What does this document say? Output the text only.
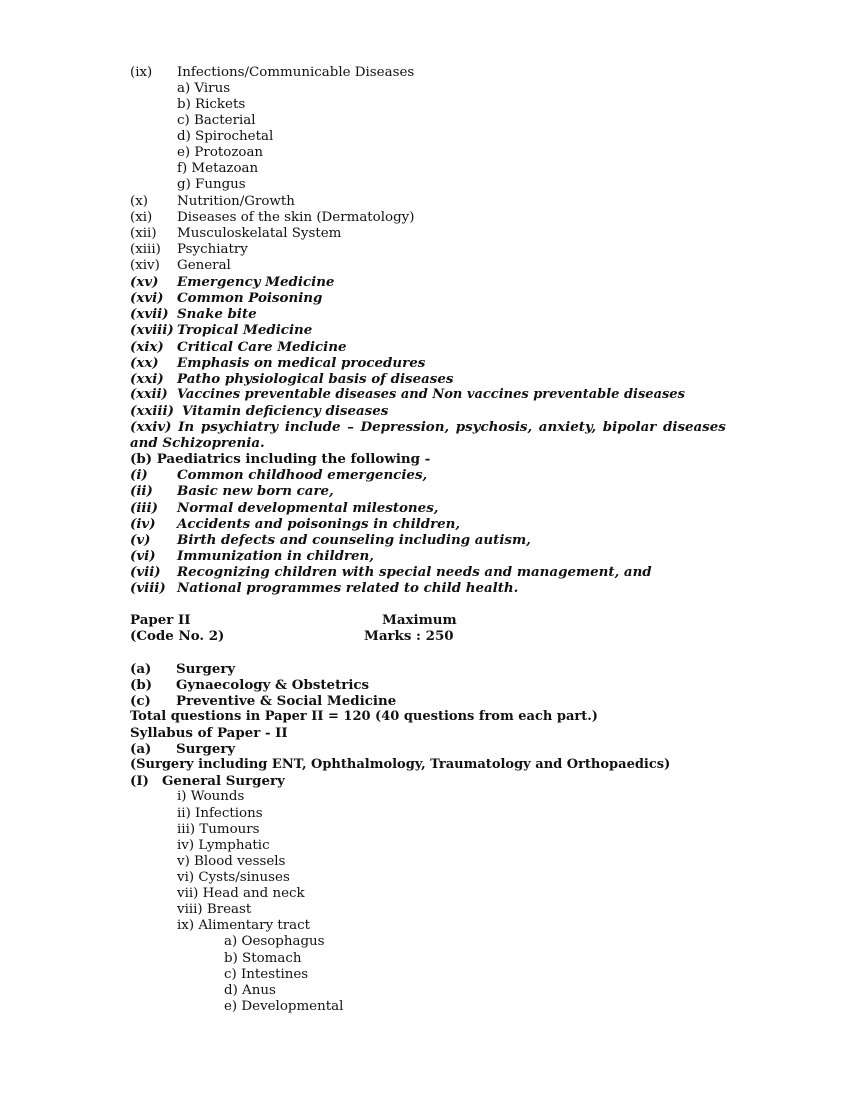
(ix) Infections/Communicable Diseases
a) Virus
b) Rickets
c) Bacterial
d) Spirochetal
e) Protozoan
f) Metazoan
g) Fungus
(x) Nutrition/Growth
(xi) Diseases of the skin (Dermatology)
(xii) Musculoskelatal System
(xiii) Psychiatry
(xiv) General
(xv) Emergency Medicine
(xvi) Common Poisoning
(xvii) Snake bite
(xviii) Tropical Medicine
(xix) Critical Care Medicine
(xx) Emphasis on medical procedures
(xxi) Patho physiological basis of diseases
(xxii) Vaccines preventable diseases and Non vaccines preventable diseases
(xxiii) Vitamin deficiency diseases
(xxiv) In psychiatry include – Depression, psychosis, anxiety, bipolar diseases
and Schizoprenia.
(b) Paediatrics including the following -
(i) Common childhood emergencies,
(ii) Basic new born care,
(iii) Normal developmental milestones,
(iv) Accidents and poisonings in children,
(v) Birth defects and counseling including autism,
(vi) Immunization in children,
(vii) Recognizing children with special needs and management, and
(viii) National programmes related to child health.
Paper II	Maximum
(Code No. 2)	Marks : 250
(a) Surgery
(b) Gynaecology & Obstetrics
(c) Preventive & Social Medicine
Total questions in Paper II = 120 (40 questions from each part.)
Syllabus of Paper - II
(a) Surgery
(Surgery including ENT, Ophthalmology, Traumatology and Orthopaedics)
(I) General Surgery
i) Wounds
ii) Infections
iii) Tumours
iv) Lymphatic
v) Blood vessels
vi) Cysts/sinuses
vii) Head and neck
viii) Breast
ix) Alimentary tract
a) Oesophagus
b) Stomach
c) Intestines
d) Anus
e) Developmental
